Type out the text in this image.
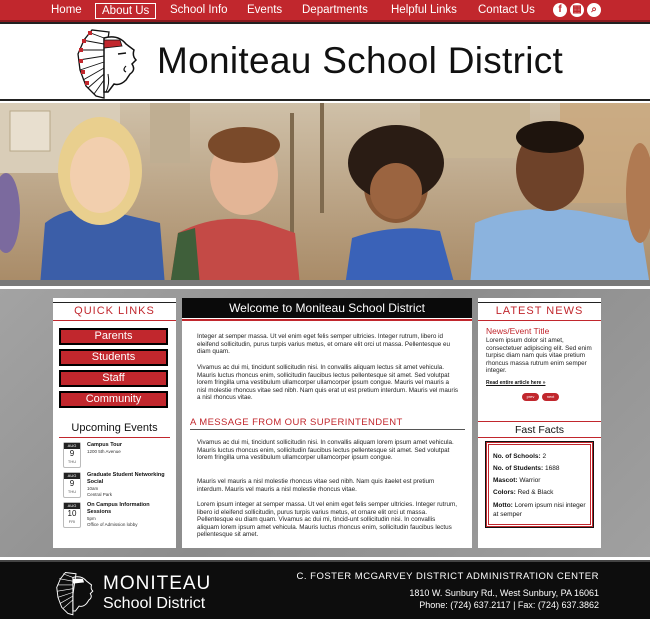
Home	About Us	School Info	Events	Departments	Helpful Links	Contact Us	f	▦ ⌕
Moniteau School District
QUICK LINKS
Parents
Students
Staff
Community
Upcoming Events
AUG
9
THU
Campus Tour
1200 5th Avenue
AUG
9
THU
Graduate Student Networking Social
10am
Central Park
AUG
10
FRI
On Campus Information Sessions
5pm
Office of Admission lobby
Welcome to Moniteau School District
Integer at semper massa. Ut vel enim eget felis semper ultricies. Integer rutrum, libero id eleifend sollicitudin, purus turpis varius metus, et ornare elit orci ut massa. Pellentesque eu diam quam.
Vivamus ac dui mi, tincidunt sollicitudin nisi. In convallis aliquam lectus sit amet vehicula. Mauris luctus rhoncus enim, sollicitudin faucibus lectus pellentesque sit amet. Sed volutpat lorem fringilla urna vestibulum ullamcorper ullamcorper ipsum congue. Mauris vel mauris a nisl molestie rhoncus vitae sed nibh. Nam quis erat ut est pretium interdum. Mauris vel mauris a nisl rhoncus vitae.
A MESSAGE FROM OUR SUPERINTENDENT
Vivamus ac dui mi, tincidunt sollicitudin nisi. In convallis aliquam lorem ipsum amet vehicula. Mauris luctus rhoncus enim, sollicitudin faucibus lectus pellentesque sit amet. Sed volutpat lorem fringilla urna vestibulum ullamcorper ullamcorper ipsum congue.
Mauris vel mauris a nisl molestie rhoncus vitae sed nibh. Nam quis itaelet est pretium interdum. Mauris vel mauris a nisl molestie rhoncus vitae.
Lorem ipsum integer at semper massa. Ut vel enim eget felis semper ultricies. Integer rutrum, libero id eleifend sollicitudin, purus turpis varius metus, et ornare elit orci ut massa. Pellentesque eu diam quam. Vivamus ac dui mi, tincid-unt sollicitudin nisi. In convallis aliquam lorem ipsum amet vehicula. Mauris luctus rhoncus enim, sollicitudin faucibus lectus pellentesque sit amet.
LATEST NEWS
News/Event Title
Lorem ipsum dolor sit amet, consectetuer adipiscing elit. Sed enim turpisc diam nam quis vitae pretium rhoncus massa rutrum enim semper integer.
Read entire article here »
prev	next
Fast Facts
No. of Schools: 2
No. of Students: 1688
Mascot: Warrior
Colors: Red & Black
Motto: Lorem ipsum nisi integer at semper
MONITEAU
School District
C. FOSTER MCGARVEY DISTRICT ADMINISTRATION CENTER
1810 W. Sunbury Rd., West Sunbury, PA 16061
Phone: (724) 637.2117 | Fax: (724) 637.3862
